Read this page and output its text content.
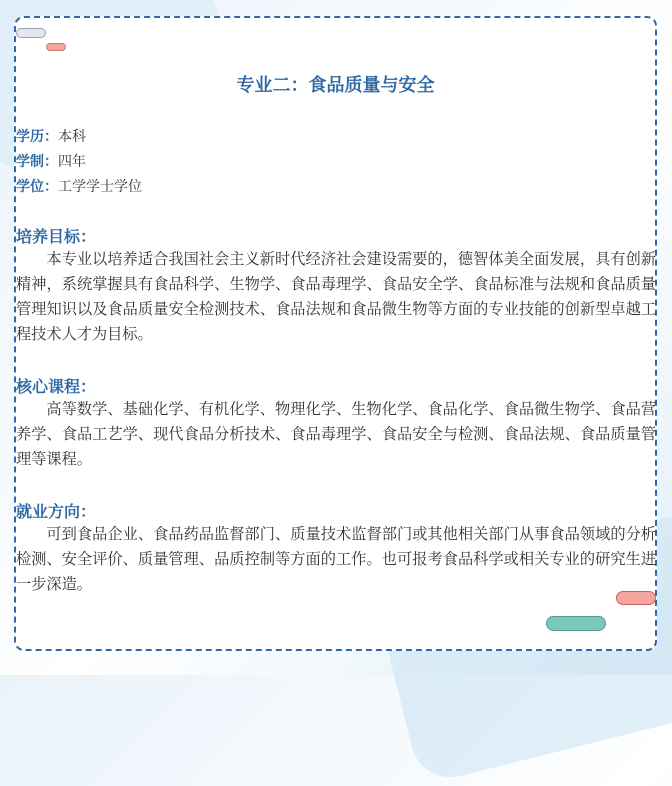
专业二：食品质量与安全
学历：本科
学制：四年
学位：工学学士学位
培养目标：

本专业以培养适合我国社会主义新时代经济社会建设需要的，德智体美全面发展，具有创新精神，系统掌握具有食品科学、生物学、食品毒理学、食品安全学、食品标准与法规和食品质量管理知识以及食品质量安全检测技术、食品法规和食品微生物等方面的专业技能的创新型卓越工程技术人才为目标。

核心课程：

高等数学、基础化学、有机化学、物理化学、生物化学、食品化学、食品微生物学、食品营养学、食品工艺学、现代食品分析技术、食品毒理学、食品安全与检测、食品法规、食品质量管理等课程。

就业方向：

可到食品企业、食品药品监督部门、质量技术监督部门或其他相关部门从事食品领域的分析检测、安全评价、质量管理、品质控制等方面的工作。也可报考食品科学或相关专业的研究生进一步深造。
